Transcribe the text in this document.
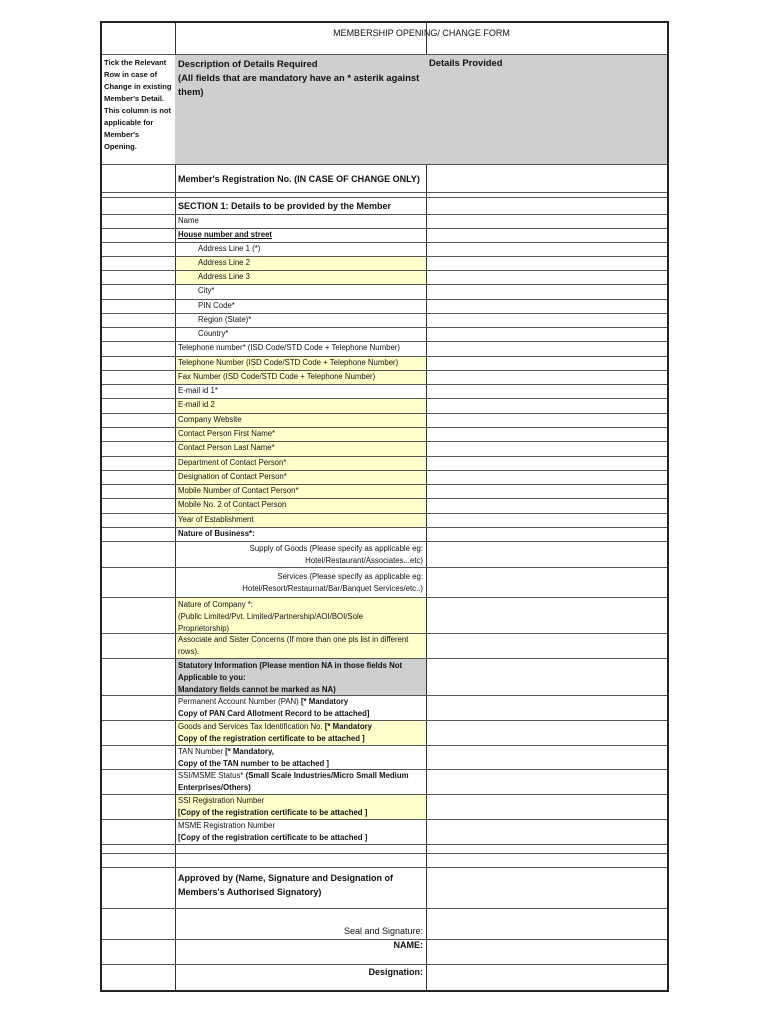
MEMBERSHIP OPENING/ CHANGE FORM
Tick the Relevant Row in case of Change in existing Member's Detail. This column is not applicable for Member's Opening.
Description of Details Required
(All fields that are mandatory have an * asterik against them)
Details Provided
Member's Registration No. (IN CASE OF CHANGE ONLY)
SECTION 1: Details to be provided by the Member
Name
House number and street
Address Line 1 (*)
Address Line 2
Address Line 3
City*
PIN Code*
Region (State)*
Country*
Telephone number* (ISD Code/STD Code + Telephone Number)
Telephone Number (ISD Code/STD Code + Telephone Number)
Fax Number (ISD Code/STD Code + Telephone Number)
E-mail id 1*
E-mail id 2
Company Website
Contact Person First Name*
Contact Person Last Name*
Department of Contact Person*
Designation of Contact Person*
Mobile Number of Contact Person*
Mobile No. 2 of Contact Person
Year of Establishment
Nature of Business*:
Supply of Goods (Please specify as applicable eg:
Hotel/Restaurant/Associates...etc)
Services (Please specify as applicable eg:
Hotel/Resort/Restaurnat/Bar/Banquet Services/etc..)
Nature of Company *:
(Public Limited/Pvt. Limited/Partnership/AOI/BOI/Sole
Proprietorship)
Associate and Sister Concerns (If more than one pls list in different
rows).
Statutory Information (Please mention NA in those fields Not
Applicable to you:
Mandatory fields cannot be marked as NA)
Permanent Account Number (PAN) [* Mandatory
Copy of PAN Card Allotment Record to be attached]
Goods and Services Tax Identification No. [* Mandatory
Copy of the registration certificate to be attached ]
TAN Number [* Mandatory,
Copy of the TAN number to be attached ]
SSI/MSME Status* (Small Scale Industries/Micro Small Medium
Enterprises/Others)
SSI Registration Number
[Copy of the registration certificate to be attached ]
MSME Registration Number
[Copy of the registration certificate to be attached ]
Approved by (Name, Signature and Designation of
Members's Authorised Signatory)
Seal and Signature:
NAME:
Designation:
